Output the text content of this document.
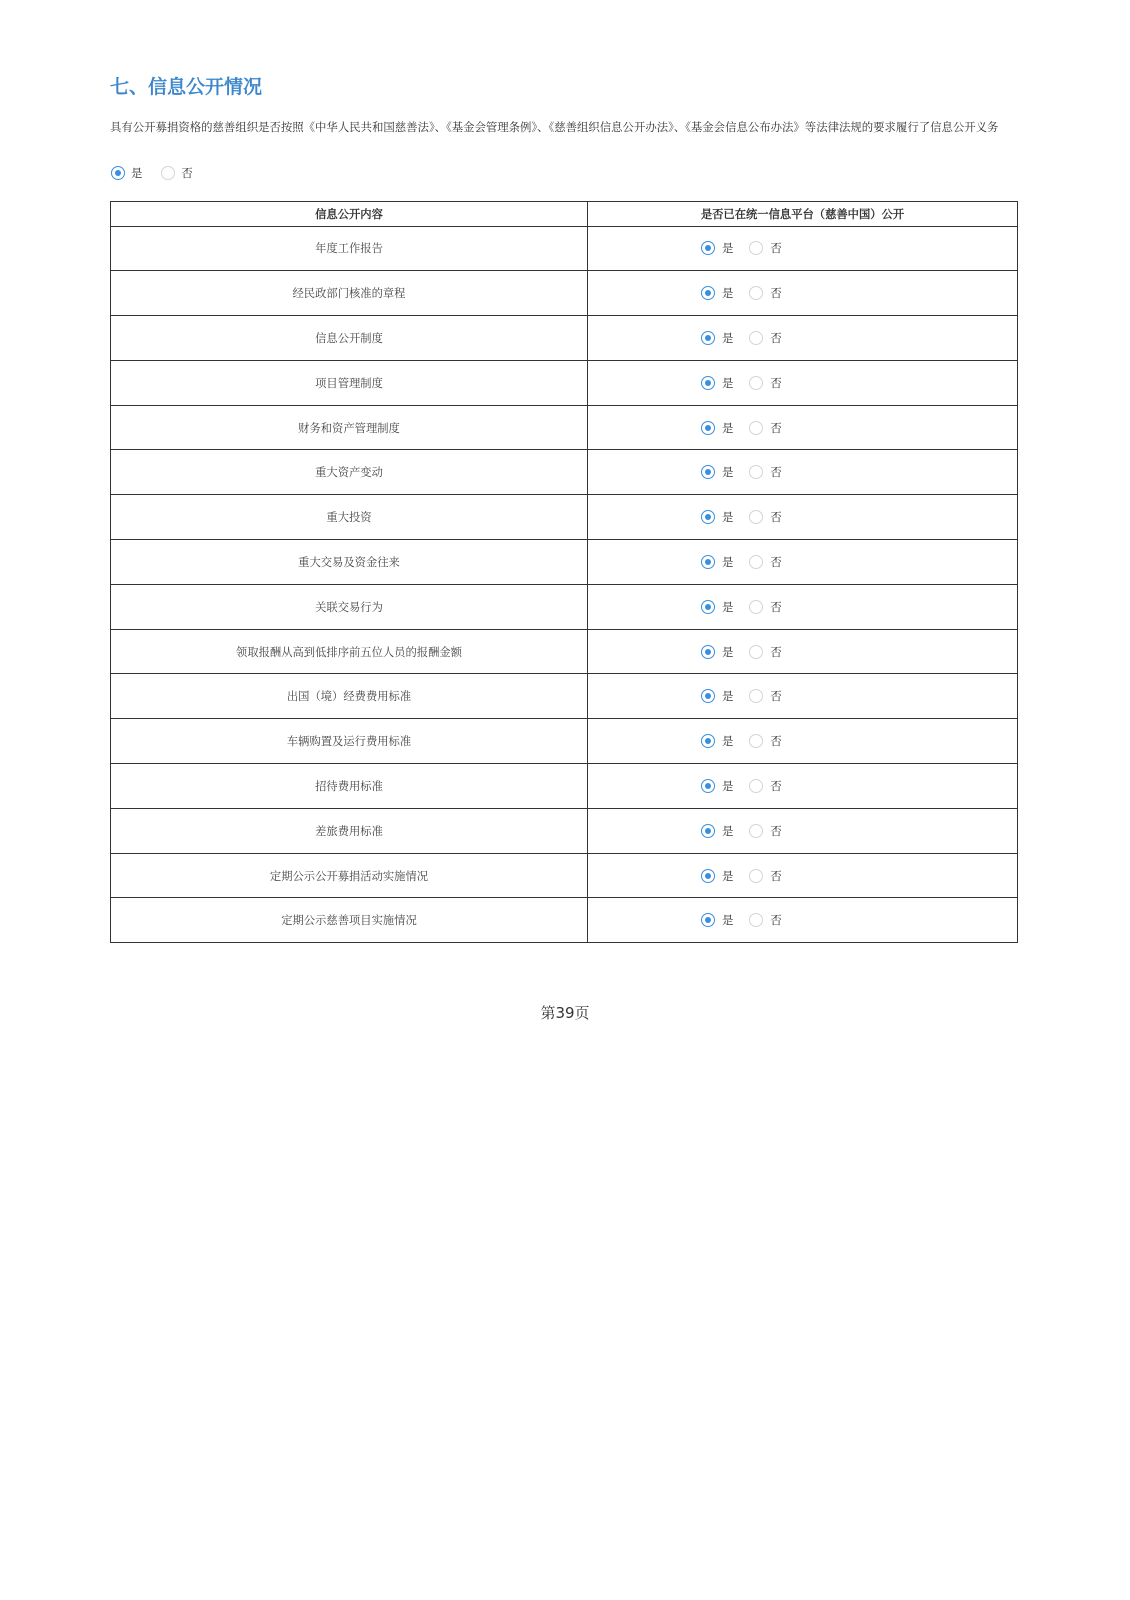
七、信息公开情况

具有公开募捐资格的慈善组织是否按照《中华人民共和国慈善法》、《基金会管理条例》、《慈善组织信息公开办法》、《基金会信息公布办法》等法律法规的要求履行了信息公开义务

是	否
信息公开内容	是否已在统一信息平台（慈善中国）公开
年度工作报告	是	否
经民政部门核准的章程	是	否
信息公开制度	是	否
项目管理制度	是	否
财务和资产管理制度	是	否
重大资产变动	是	否
重大投资	是	否
重大交易及资金往来	是	否
关联交易行为	是	否
领取报酬从高到低排序前五位人员的报酬金额	是	否
出国（境）经费费用标准	是	否
车辆购置及运行费用标准	是	否
招待费用标准	是	否
差旅费用标准	是	否
定期公示公开募捐活动实施情况	是	否
定期公示慈善项目实施情况	是	否
第39页
